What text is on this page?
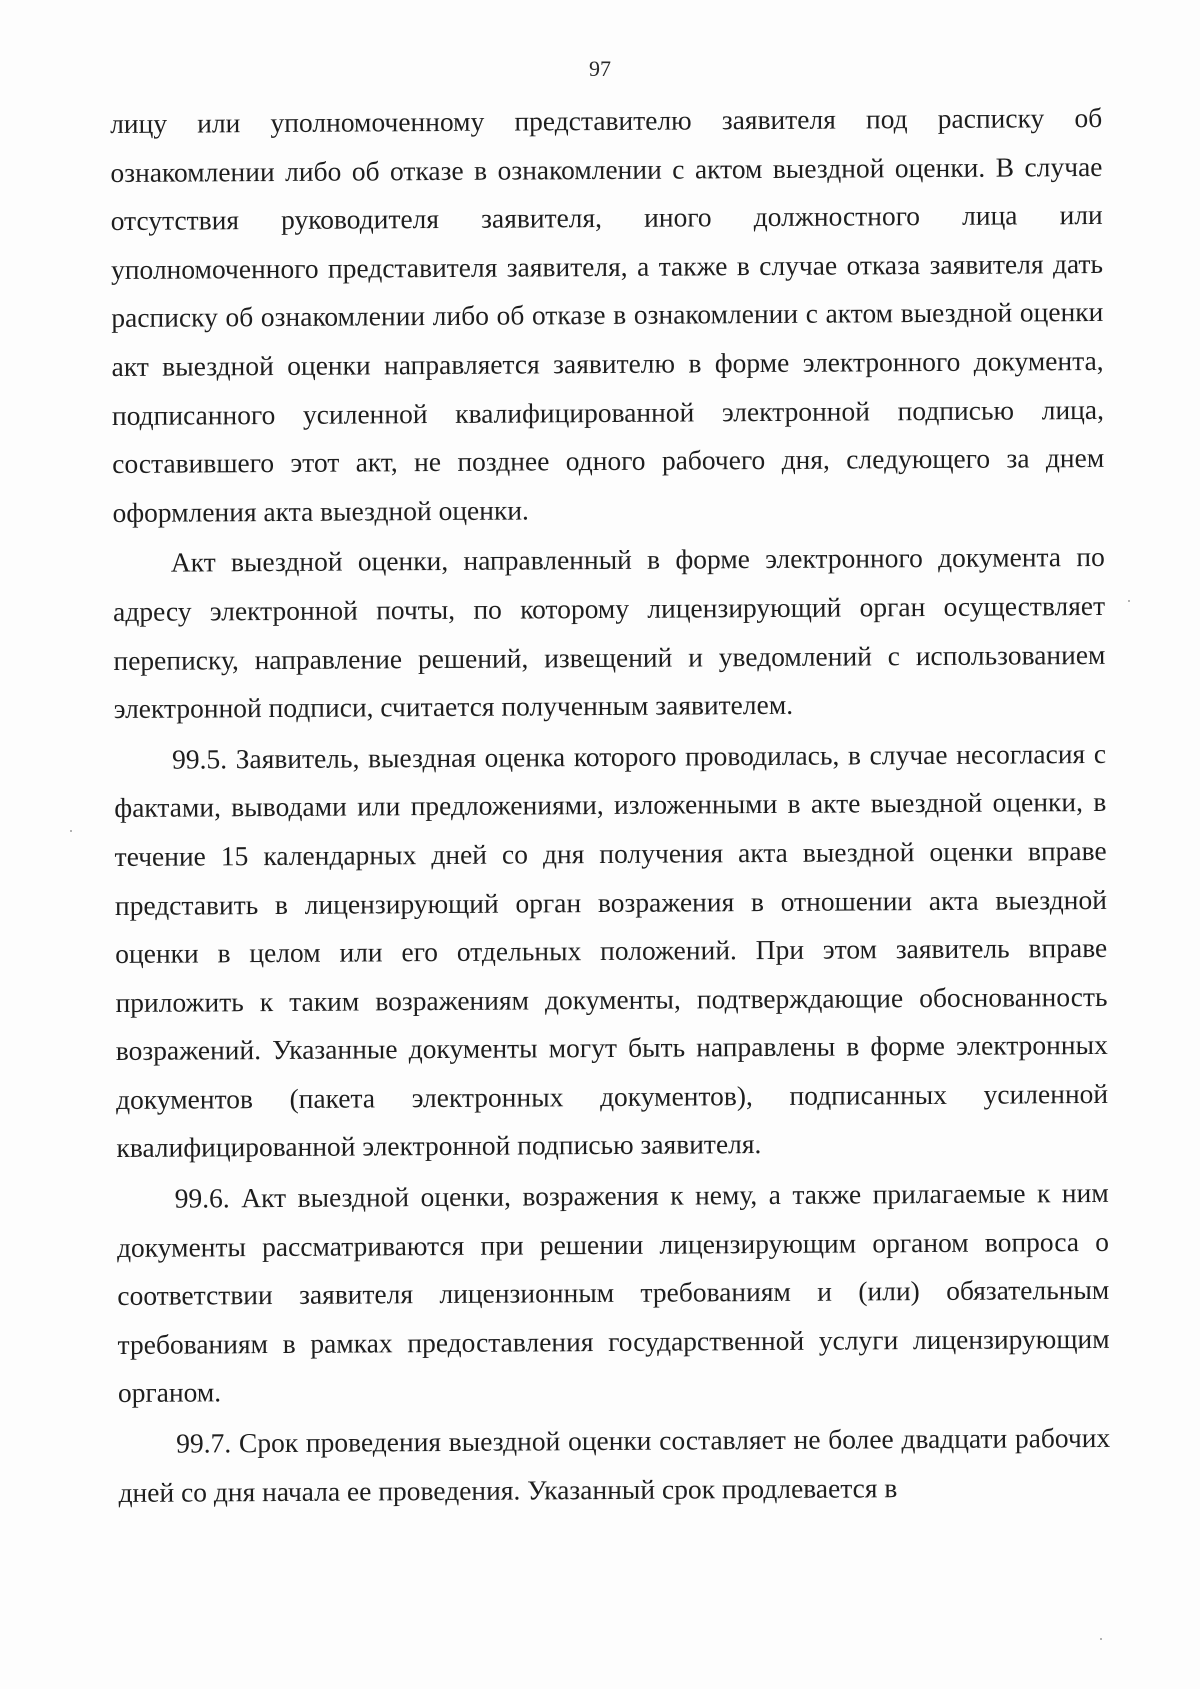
97

лицу или уполномоченному представителю заявителя под расписку об ознакомлении либо об отказе в ознакомлении с актом выездной оценки. В случае отсутствия руководителя заявителя, иного должностного лица или уполномоченного представителя заявителя, а также в случае отказа заявителя дать расписку об ознакомлении либо об отказе в ознакомлении с актом выездной оценки акт выездной оценки направляется заявителю в форме электронного документа, подписанного усиленной квалифицированной электронной подписью лица, составившего этот акт, не позднее одного рабочего дня, следующего за днем оформления акта выездной оценки.

Акт выездной оценки, направленный в форме электронного документа по адресу электронной почты, по которому лицензирующий орган осуществляет переписку, направление решений, извещений и уведомлений с использованием электронной подписи, считается полученным заявителем.

99.5. Заявитель, выездная оценка которого проводилась, в случае несогласия с фактами, выводами или предложениями, изложенными в акте выездной оценки, в течение 15 календарных дней со дня получения акта выездной оценки вправе представить в лицензирующий орган возражения в отношении акта выездной оценки в целом или его отдельных положений. При этом заявитель вправе приложить к таким возражениям документы, подтверждающие обоснованность возражений. Указанные документы могут быть направлены в форме электронных документов (пакета электронных документов), подписанных усиленной квалифицированной электронной подписью заявителя.

99.6. Акт выездной оценки, возражения к нему, а также прилагаемые к ним документы рассматриваются при решении лицензирующим органом вопроса о соответствии заявителя лицензионным требованиям и (или) обязательным требованиям в рамках предоставления государственной услуги лицензирующим органом.

99.7. Срок проведения выездной оценки составляет не более двадцати рабочих дней со дня начала ее проведения. Указанный срок продлевается в
